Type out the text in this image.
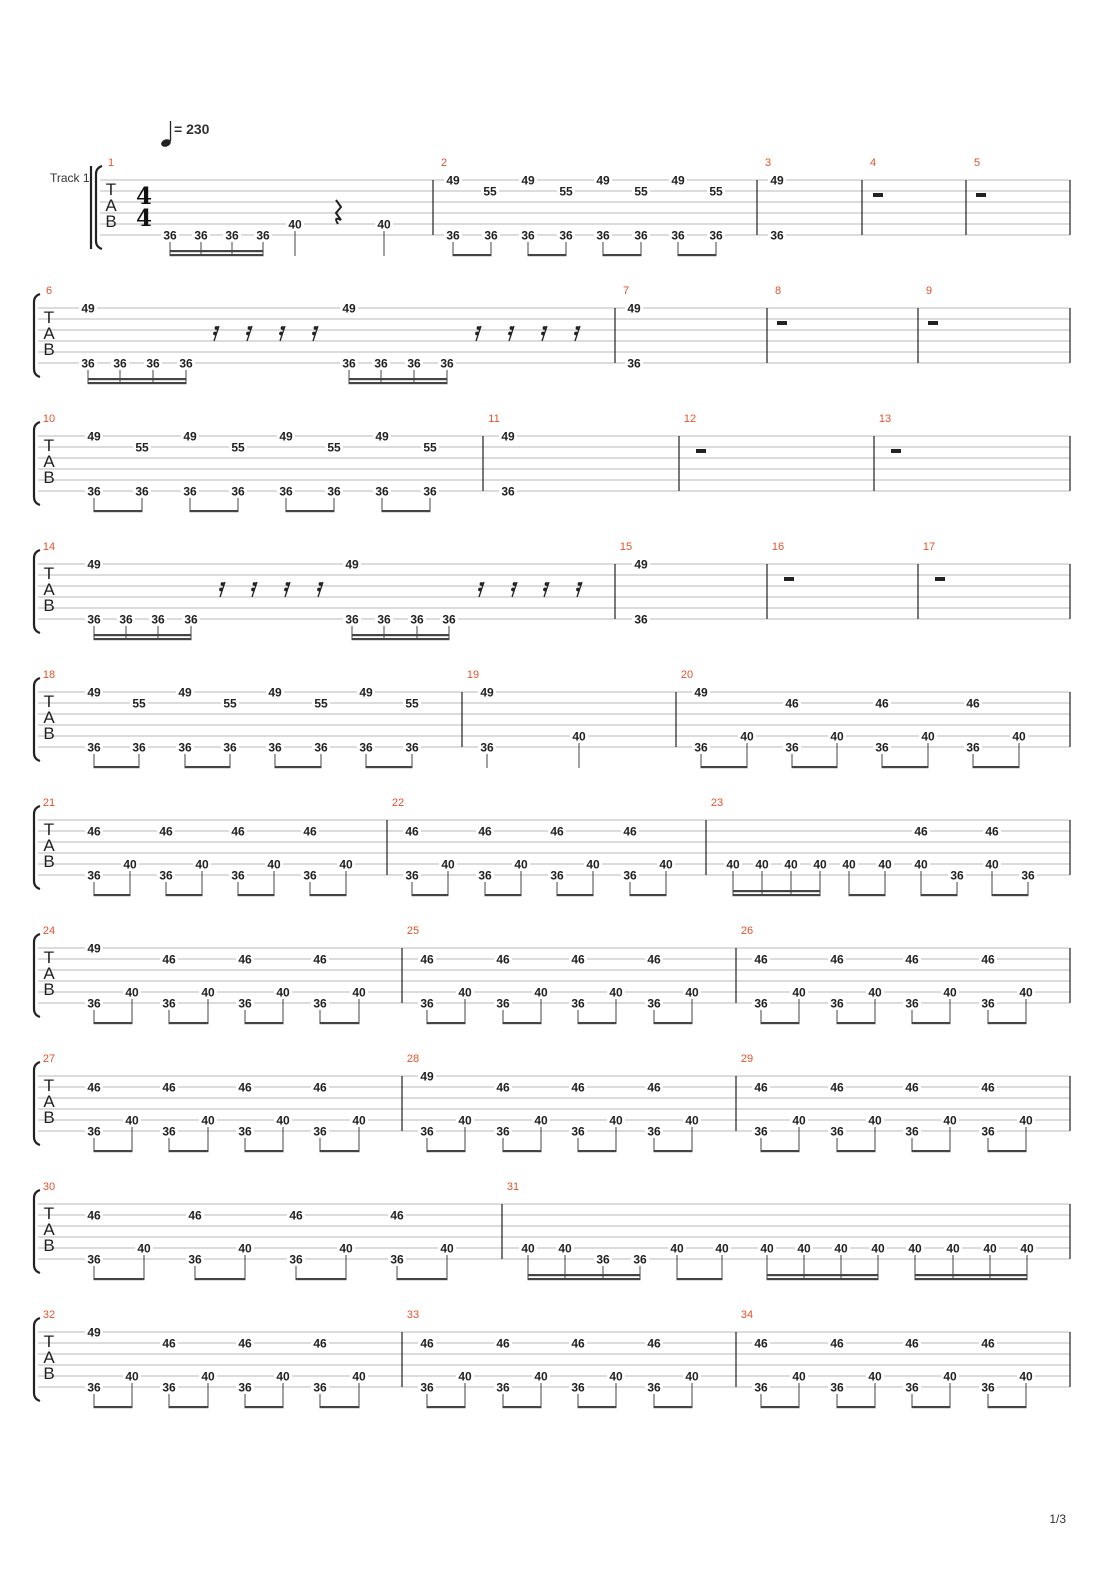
= 230
Track 1
1/3
T
A
B
4
4
1
36 36 36 36
40	40
2
49
55
49
55
49
55
49
55
36 36 36 36 36 36 36 36
3
49
36
4	5
T
A
B
6
49
36 36 36 36
49
36 36 36 36
7
49
36
8	9
T
A
B
10
49
55
49
55
49
55
49
55
36	36	36	36	36	36	36	36
11
49
36
12	13
T
A
B
14
49
36 36 36 36
49
36 36 36 36
15
49
36
16	17
T
A
B
18
49
55
49
55
49
55
49
55
36	36	36	36	36	36	36	36
19
49
36
40
20
49
46	46	46
36
40
36
40
36
40
36
40
T
A
B
21
46	46	46	46
36
40
36
40
36
40
36
40
22
46	46	46	46
36
40
36
40
36
40
36
40
23
46	46
40 40 40 40 40 40 40
36
40
36
T
A
B
24
49
46	46	46
36
40
36
40
36
40
36
40
25
46	46	46	46
36
40
36
40
36
40
36
40
26
46	46	46	46
36
40
36
40
36
40
36
40
T
A
B
27
46	46	46	46
36
40
36
40
36
40
36
40
28
49
46	46	46
36
40
36
40
36
40
36
40
29
46	46	46	46
36
40
36
40
36
40
36
40
T
A
B
30
46	46	46	46
36
40
36
40
36
40
36
40
31
40 40
36 36
40	40	40 40 40 40 40 40 40 40
T
A
B
32
49
46	46	46
36
40
36
40
36
40
36
40
33
46	46	46	46
36
40
36
40
36
40
36
40
34
46	46	46	46
36
40
36
40
36
40
36
40
